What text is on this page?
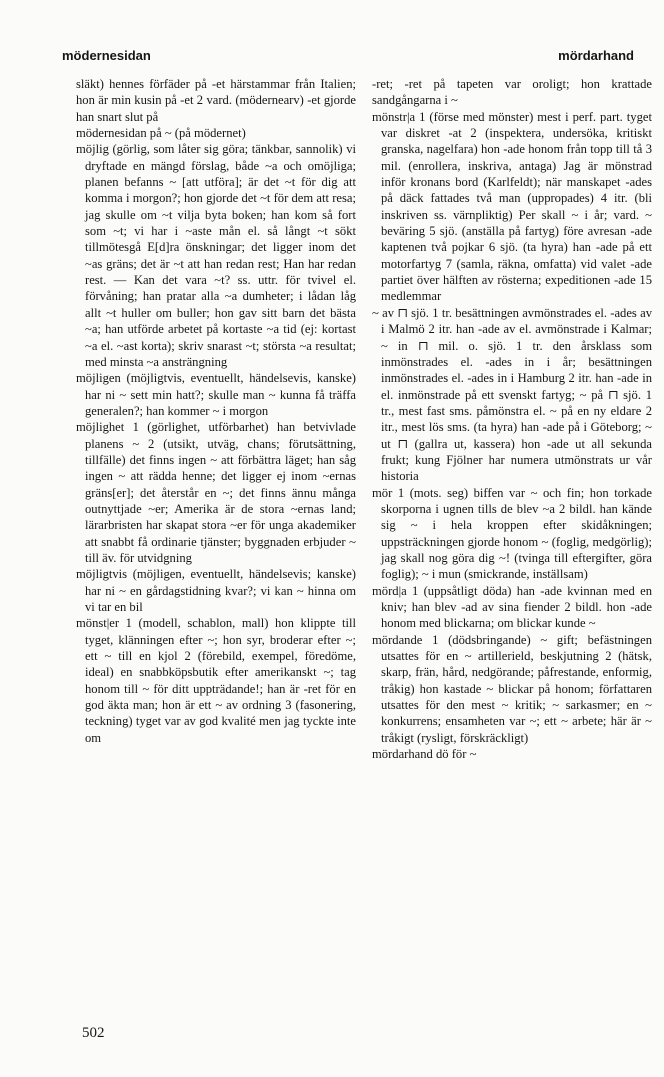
mödernesidan	mördarhand
släkt) hennes förfäder på -et härstammar från Italien; hon är min kusin på -et 2 vard. (mödernearv) -et gjorde han snart slut på
mödernesidan på ~ (på mödernet)
möjlig (görlig, som låter sig göra; tänkbar, sannolik) vi dryftade en mängd förslag, både ~a och omöjliga; planen befanns ~ [att utföra]; är det ~t för dig att komma i morgon?; hon gjorde det ~t för dem att resa; jag skulle om ~t vilja byta boken; han kom så fort som ~t; vi har i ~aste mån el. så långt ~t sökt tillmötesgå E[d]ra önskningar; det ligger inom det ~as gräns; det är ~t att han redan rest; Han har redan rest. — Kan det vara ~t? ss. uttr. för tvivel el. förvåning; han pratar alla ~a dumheter; i lådan låg allt ~t huller om buller; hon gav sitt barn det bästa ~a; han utförde arbetet på kortaste ~a tid (ej: kortast ~a el. ~ast korta); skriv snarast ~t; största ~a resultat; med minsta ~a ansträngning
möjligen (möjligtvis, eventuellt, händelsevis, kanske) har ni ~ sett min hatt?; skulle man ~ kunna få träffa generalen?; han kommer ~ i morgon
möjlighet 1 (görlighet, utförbarhet) han betvivlade planens ~ 2 (utsikt, utväg, chans; förutsättning, tillfälle) det finns ingen ~ att förbättra läget; han såg ingen ~ att rädda henne; det ligger ej inom ~ernas gräns[er]; det återstår en ~; det finns ännu många outnyttjade ~er; Amerika är de stora ~ernas land; lärarbristen har skapat stora ~er för unga akademiker att snabbt få ordinarie tjänster; byggnaden erbjuder ~ till äv. för utvidgning
möjligtvis (möjligen, eventuellt, händelsevis; kanske) har ni ~ en gårdagstidning kvar?; vi kan ~ hinna om vi tar en bil
mönst|er 1 (modell, schablon, mall) hon klippte till tyget, klänningen efter ~; hon syr, broderar efter ~; ett ~ till en kjol 2 (förebild, exempel, föredöme, ideal) en snabbköpsbutik efter amerikanskt ~; tag honom till ~ för ditt uppträdande!; han är -ret för en god äkta man; hon är ett ~ av ordning 3 (fasonering, teckning) tyget var av god kvalité men jag tyckte inte om
-ret; -ret på tapeten var oroligt; hon krattade sandgångarna i ~
mönstr|a 1 (förse med mönster) mest i perf. part. tyget var diskret -at 2 (inspektera, undersöka, kritiskt granska, nagelfara) hon -ade honom från topp till tå 3 mil. (enrollera, inskriva, antaga) Jag är mönstrad inför kronans bord (Karlfeldt); när manskapet -ades på däck fattades två man (uppropades) 4 itr. (bli inskriven ss. värnpliktig) Per skall ~ i år; vard. ~ beväring 5 sjö. (anställa på fartyg) före avresan -ade kaptenen två pojkar 6 sjö. (ta hyra) han -ade på ett motorfartyg 7 (samla, räkna, omfatta) vid valet -ade partiet över hälften av rösterna; expeditionen -ade 15 medlemmar
~ av ⊓ sjö. 1 tr. besättningen avmönstrades el. -ades av i Malmö 2 itr. han -ade av el. avmönstrade i Kalmar; ~ in ⊓ mil. o. sjö. 1 tr. den årsklass som inmönstrades el. -ades in i år; besättningen inmönstrades el. -ades in i Hamburg 2 itr. han -ade in el. inmönstrade på ett svenskt fartyg; ~ på ⊓ sjö. 1 tr., mest fast sms. påmönstra el. ~ på en ny eldare 2 itr., mest lös sms. (ta hyra) han -ade på i Göteborg; ~ ut ⊓ (gallra ut, kassera) hon -ade ut all sekunda frukt; kung Fjölner har numera utmönstrats ur vår historia
mör 1 (mots. seg) biffen var ~ och fin; hon torkade skorporna i ugnen tills de blev ~a 2 bildl. han kände sig ~ i hela kroppen efter skidåkningen; uppsträckningen gjorde honom ~ (foglig, medgörlig); jag skall nog göra dig ~! (tvinga till eftergifter, göra foglig); ~ i mun (smickrande, inställsam)
mörd|a 1 (uppsåtligt döda) han -ade kvinnan med en kniv; han blev -ad av sina fiender 2 bildl. hon -ade honom med blickarna; om blickar kunde ~
mördande 1 (dödsbringande) ~ gift; befästningen utsattes för en ~ artillerield, beskjutning 2 (hätsk, skarp, frän, hård, nedgörande; påfrestande, enformig, tråkig) hon kastade ~ blickar på honom; författaren utsattes för den mest ~ kritik; ~ sarkasmer; en ~ konkurrens; ensamheten var ~; ett ~ arbete; här är ~ tråkigt (rysligt, förskräckligt)
mördarhand dö för ~
502
